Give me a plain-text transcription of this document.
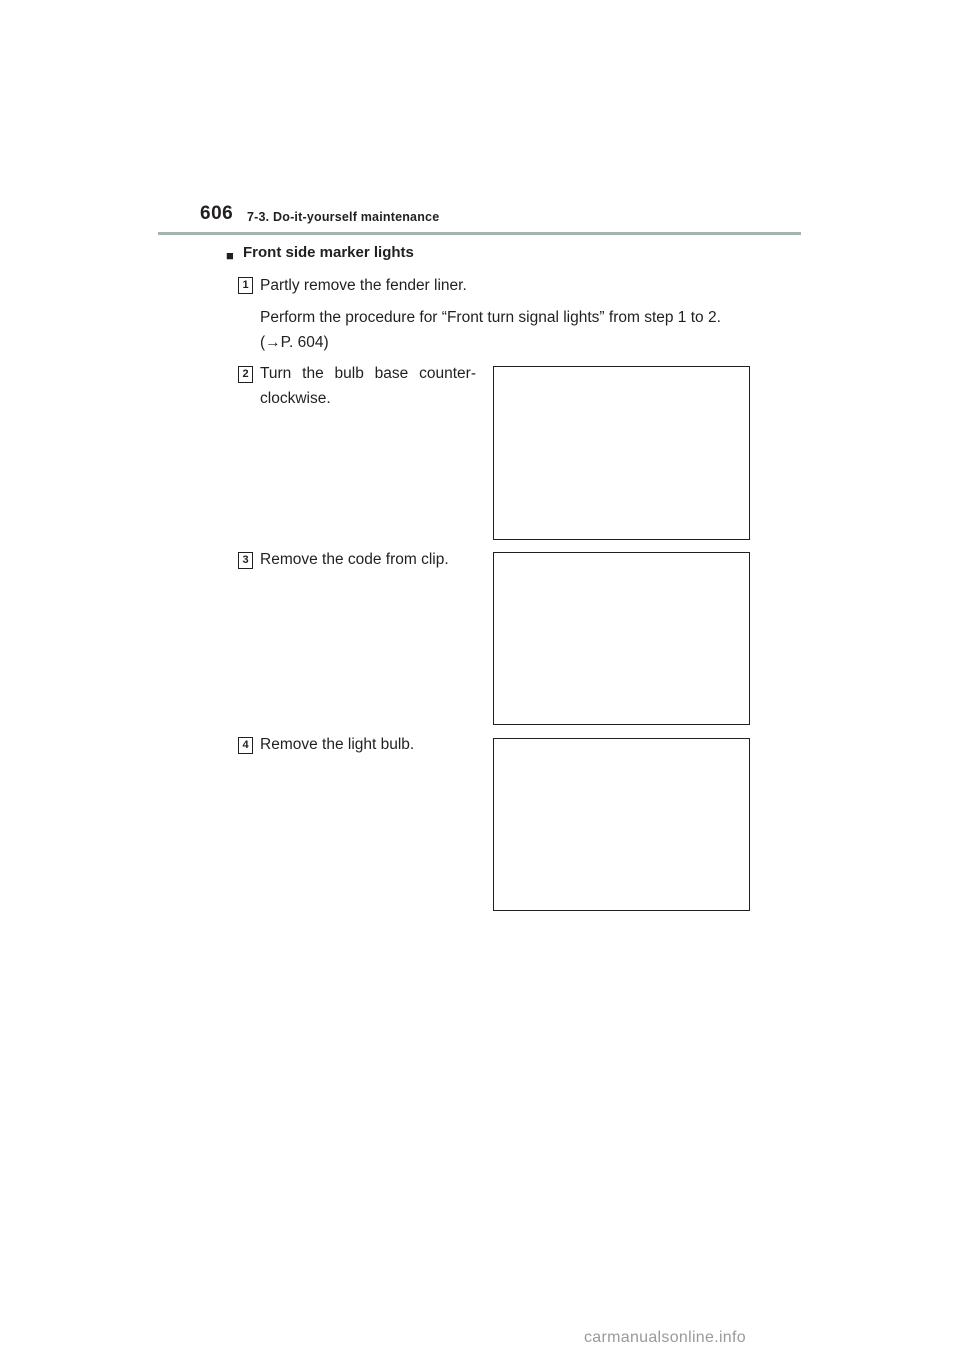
606 7-3. Do-it-yourself maintenance
■ Front side marker lights
1 Partly remove the fender liner.
Perform the procedure for “Front turn signal lights” from step 1 to 2.
(→P. 604)
2 Turn the bulb base counter-
clockwise.
3 Remove the code from clip.
4 Remove the light bulb.
carmanualsonline.info
